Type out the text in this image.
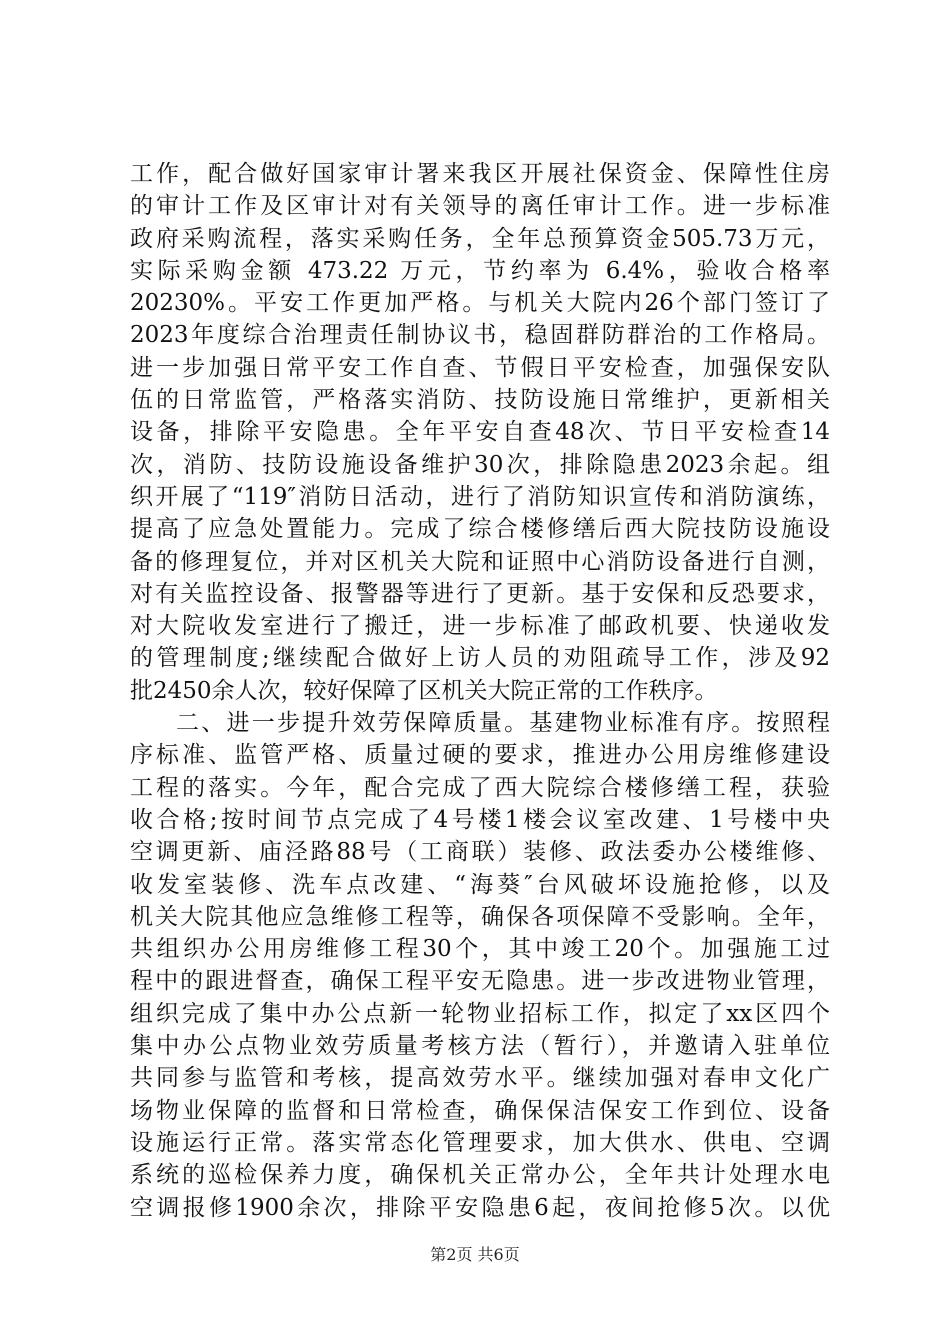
工作，配合做好国家审计署来我区开展社保资金、保障性住房
的审计工作及区审计对有关领导的离任审计工作。进一步标准
政府采购流程，落实采购任务，全年总预算资金505.73万元，
实际采购金额 473.22 万元，节约率为 6.4%，验收合格率
20230%。平安工作更加严格。与机关大院内26个部门签订了
2023年度综合治理责任制协议书，稳固群防群治的工作格局。
进一步加强日常平安工作自查、节假日平安检查，加强保安队
伍的日常监管，严格落实消防、技防设施日常维护，更新相关
设备，排除平安隐患。全年平安自查48次、节日平安检查14
次，消防、技防设施设备维护30次，排除隐患2023余起。组
织开展了“119″消防日活动，进行了消防知识宣传和消防演练，
提高了应急处置能力。完成了综合楼修缮后西大院技防设施设
备的修理复位，并对区机关大院和证照中心消防设备进行自测，
对有关监控设备、报警器等进行了更新。基于安保和反恐要求，
对大院收发室进行了搬迁，进一步标准了邮政机要、快递收发
的管理制度;继续配合做好上访人员的劝阻疏导工作，涉及92
批2450余人次，较好保障了区机关大院正常的工作秩序。
二、进一步提升效劳保障质量。基建物业标准有序。按照程
序标准、监管严格、质量过硬的要求，推进办公用房维修建设
工程的落实。今年，配合完成了西大院综合楼修缮工程，获验
收合格;按时间节点完成了4号楼1楼会议室改建、1号楼中央
空调更新、庙泾路88号（工商联）装修、政法委办公楼维修、
收发室装修、洗车点改建、“海葵″台风破坏设施抢修，以及
机关大院其他应急维修工程等，确保各项保障不受影响。全年，
共组织办公用房维修工程30个，其中竣工20个。加强施工过
程中的跟进督查，确保工程平安无隐患。进一步改进物业管理，
组织完成了集中办公点新一轮物业招标工作，拟定了xx区四个
集中办公点物业效劳质量考核方法（暂行），并邀请入驻单位
共同参与监管和考核，提高效劳水平。继续加强对春申文化广
场物业保障的监督和日常检查，确保保洁保安工作到位、设备
设施运行正常。落实常态化管理要求，加大供水、供电、空调
系统的巡检保养力度，确保机关正常办公，全年共计处理水电
空调报修1900余次，排除平安隐患6起，夜间抢修5次。以优
第2页 共6页
